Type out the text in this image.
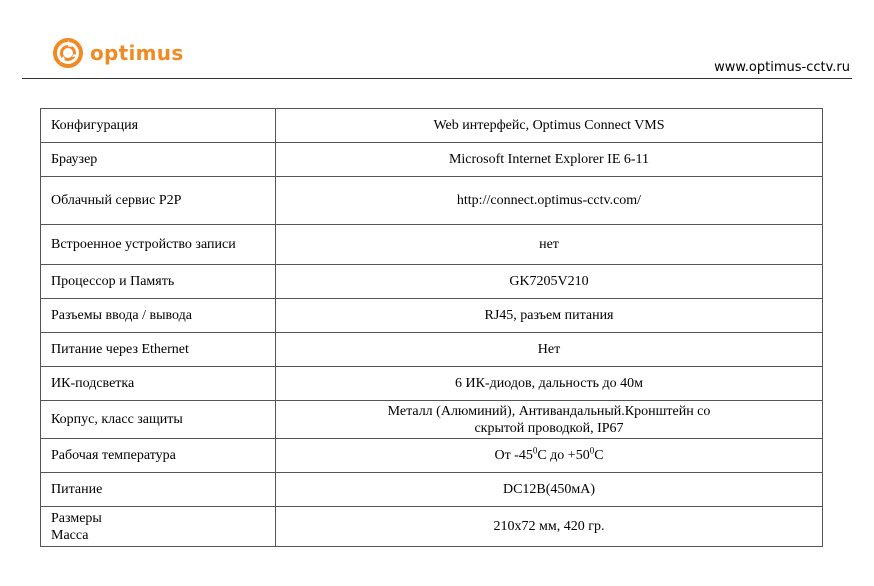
optimus
www.optimus-cctv.ru
Конфигурация	Web интерфейс, Optimus Connect VMS
Браузер	Microsoft Internet Explorer IE 6-11
Облачный сервис P2P	http://connect.optimus-cctv.com/
Встроенное устройство записи	нет
Процессор и Память	GK7205V210
Разъемы ввода / вывода	RJ45, разъем питания
Питание через Ethernet	Нет
ИК-подсветка	6 ИК-диодов, дальность до 40м
Корпус, класс защиты	Металл (Алюминий), Антивандальный.Кронштейн со
скрытой проводкой, IP67
Рабочая температура	От $-45^0С$ до $+50^0С$
Питание	DC12В(450мА)
Размеры
Масса	210x72 мм, 420 гр.
